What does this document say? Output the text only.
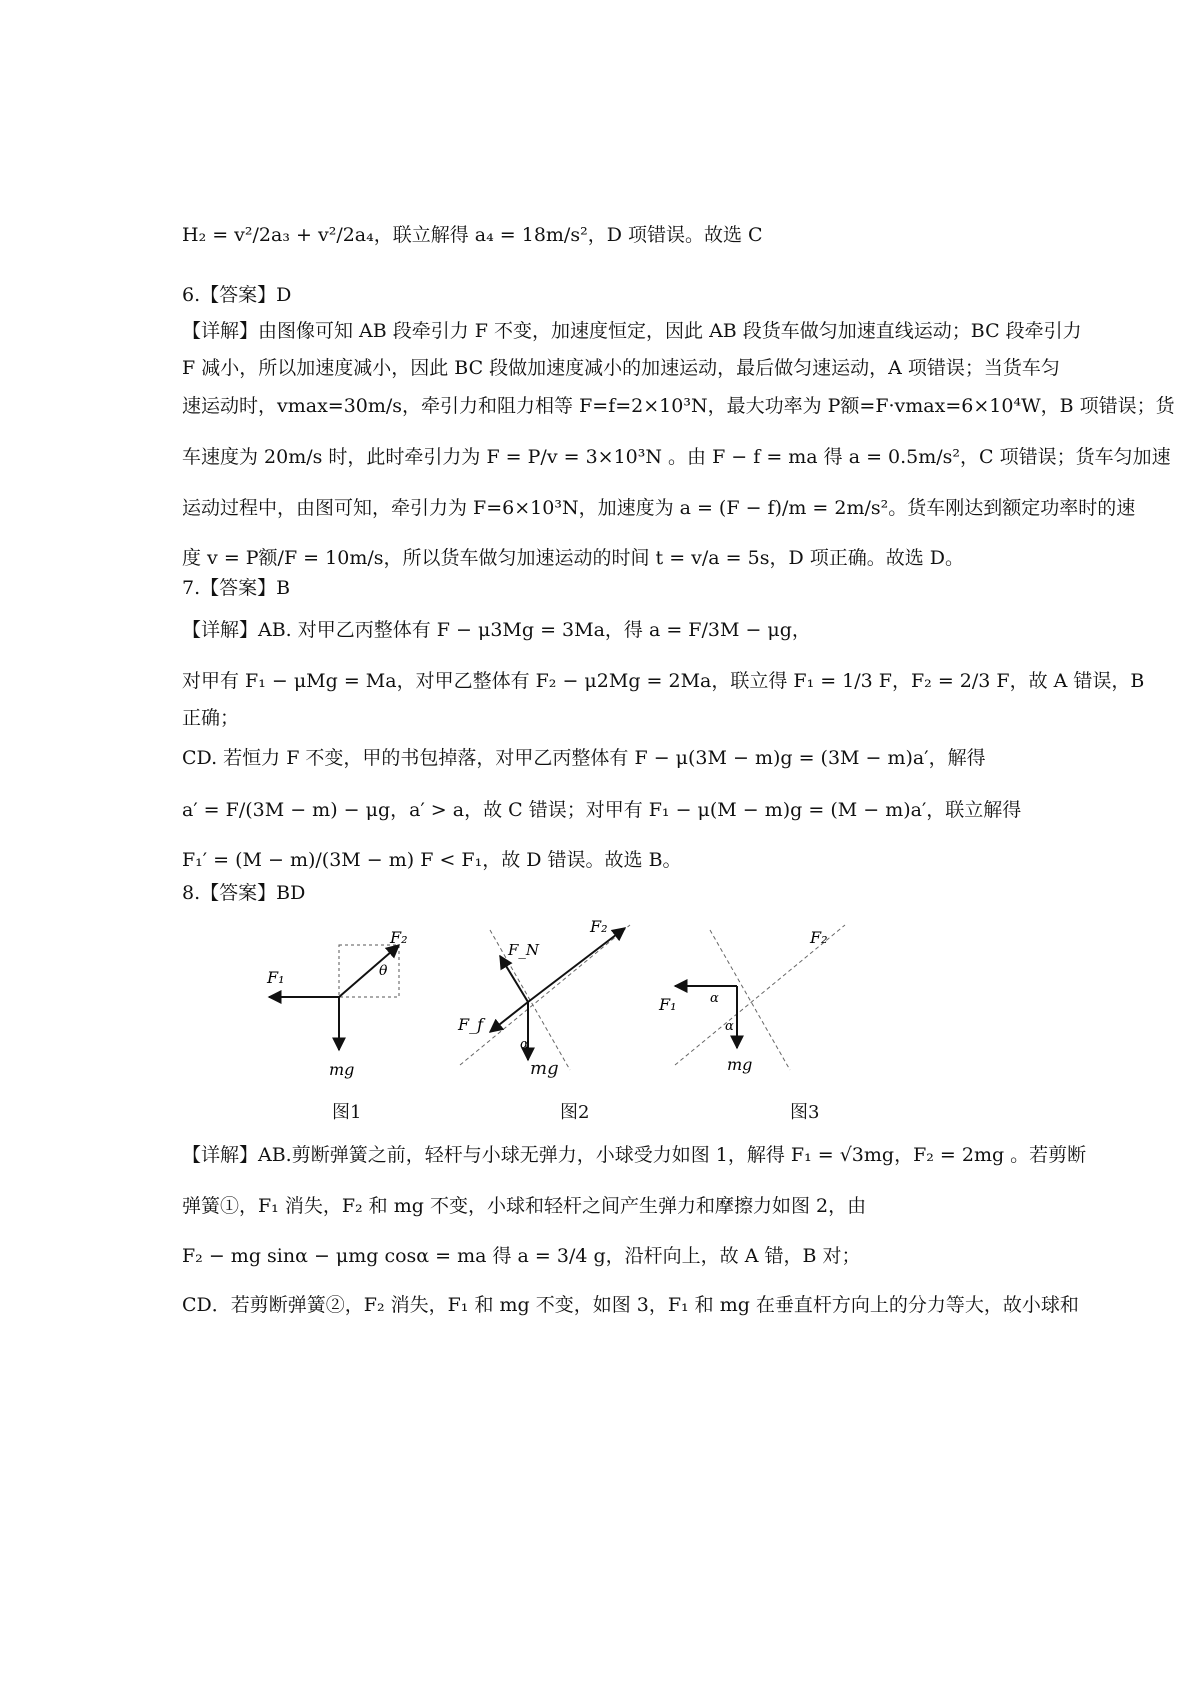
H₂ = v²/2a₃ + v²/2a₄，联立解得 a₄ = 18m/s²，D 项错误。故选 C
6.【答案】D
【详解】由图像可知 AB 段牵引力 F 不变，加速度恒定，因此 AB 段货车做匀加速直线运动；BC 段牵引力
F 减小，所以加速度减小，因此 BC 段做加速度减小的加速运动，最后做匀速运动，A 项错误；当货车匀
速运动时，vmax=30m/s，牵引力和阻力相等 F=f=2×10³N，最大功率为 P额=F·vmax=6×10⁴W，B 项错误；货
车速度为 20m/s 时，此时牵引力为 F = P/v = 3×10³N 。由 F − f = ma 得 a = 0.5m/s²，C 项错误；货车匀加速
运动过程中，由图可知，牵引力为 F=6×10³N，加速度为 a = (F − f)/m = 2m/s²。货车刚达到额定功率时的速
度 v = P额/F = 10m/s，所以货车做匀加速运动的时间 t = v/a = 5s，D 项正确。故选 D。
7.【答案】B
【详解】AB. 对甲乙丙整体有 F − μ3Mg = 3Ma，得 a = F/3M − μg，
对甲有 F₁ − μMg = Ma，对甲乙整体有 F₂ − μ2Mg = 2Ma，联立得 F₁ = 1/3 F，F₂ = 2/3 F，故 A 错误，B
正确；
CD. 若恒力 F 不变，甲的书包掉落，对甲乙丙整体有 F − μ(3M − m)g = (3M − m)a′，解得
a′ = F/(3M − m) − μg，a′ > a，故 C 错误；对甲有 F₁ − μ(M − m)g = (M − m)a′，联立解得
F₁′ = (M − m)/(3M − m) F < F₁，故 D 错误。故选 B。
8.【答案】BD
F₂
F₁	θ
mg
图1
F₂
F_N
F_f
α
图2
F₂
F₁	α
α
mg
图3
mg
【详解】AB.剪断弹簧之前，轻杆与小球无弹力，小球受力如图 1，解得 F₁ = √3mg，F₂ = 2mg 。若剪断
弹簧①，F₁ 消失，F₂ 和 mg 不变，小球和轻杆之间产生弹力和摩擦力如图 2，由
F₂ − mg sinα − μmg cosα = ma 得 a = 3/4 g，沿杆向上，故 A 错，B 对；
CD．若剪断弹簧②，F₂ 消失，F₁ 和 mg 不变，如图 3，F₁ 和 mg 在垂直杆方向上的分力等大，故小球和
